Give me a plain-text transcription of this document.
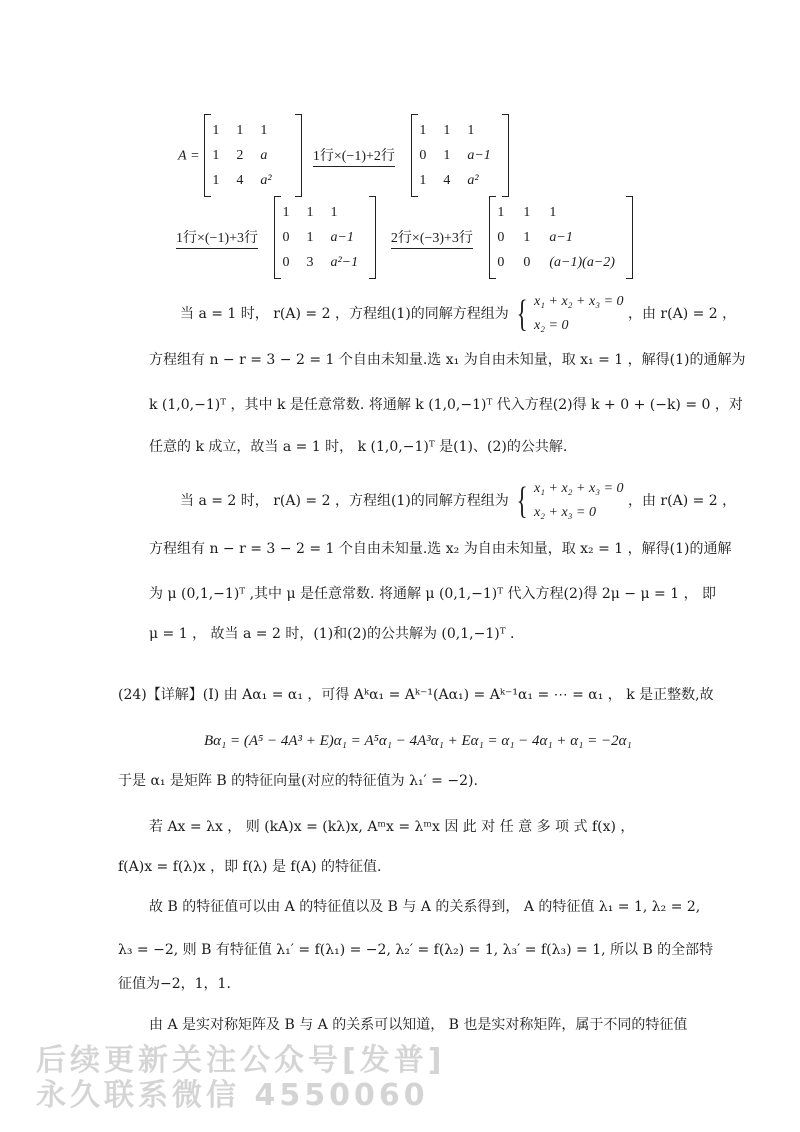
A =
1	1	1
1	2	a
1	4	a²
1行×(−1)+2行
1	1	1
0	1	a−1
1	4	a²
1行×(−1)+3行
1	1	1
0	1	a−1
0	3	a²−1
2行×(−3)+3行
1	1	1
0	1	a−1
0	0	(a−1)(a−2)
当 a = 1 时， r(A) = 2 ，方程组(1)的同解方程组为 { x₁ + x₂ + x₃ = 0
x₂ = 0 ，由 r(A) = 2 ，
方程组有 n − r = 3 − 2 = 1 个自由未知量.选 x₁ 为自由未知量，取 x₁ = 1 ，解得(1)的通解为
k (1,0,−1)ᵀ ，其中 k 是任意常数. 将通解 k (1,0,−1)ᵀ 代入方程(2)得 k + 0 + (−k) = 0 ，对
任意的 k 成立，故当 a = 1 时， k (1,0,−1)ᵀ 是(1)、(2)的公共解.
当 a = 2 时， r(A) = 2 ，方程组(1)的同解方程组为 { x₁ + x₂ + x₃ = 0
x₂ + x₃ = 0 ，由 r(A) = 2 ，
方程组有 n − r = 3 − 2 = 1 个自由未知量.选 x₂ 为自由未知量，取 x₂ = 1 ，解得(1)的通解
为 μ (0,1,−1)ᵀ ,其中 μ 是任意常数. 将通解 μ (0,1,−1)ᵀ 代入方程(2)得 2μ − μ = 1 ， 即
μ = 1 ， 故当 a = 2 时，(1)和(2)的公共解为 (0,1,−1)ᵀ .
(24)【详解】(I) 由 Aα₁ = α₁ ，可得 Aᵏα₁ = Aᵏ⁻¹(Aα₁) = Aᵏ⁻¹α₁ = ⋯ = α₁ ， k 是正整数,故
Bα₁ = (A⁵ − 4A³ + E)α₁ = A⁵α₁ − 4A³α₁ + Eα₁ = α₁ − 4α₁ + α₁ = −2α₁
于是 α₁ 是矩阵 B 的特征向量(对应的特征值为 λ₁′ = −2).
若 Ax = λx ， 则 (kA)x = (kλ)x, Aᵐx = λᵐx 因 此 对 任 意 多 项 式 f(x) ，
f(A)x = f(λ)x ，即 f(λ) 是 f(A) 的特征值.
故 B 的特征值可以由 A 的特征值以及 B 与 A 的关系得到， A 的特征值 λ₁ = 1, λ₂ = 2,
λ₃ = −2, 则 B 有特征值 λ₁′ = f(λ₁) = −2, λ₂′ = f(λ₂) = 1, λ₃′ = f(λ₃) = 1, 所以 B 的全部特
征值为−2，1，1.
由 A 是实对称矩阵及 B 与 A 的关系可以知道， B 也是实对称矩阵，属于不同的特征值
后续更新关注公众号[发普]
永久联系微信 4550060
